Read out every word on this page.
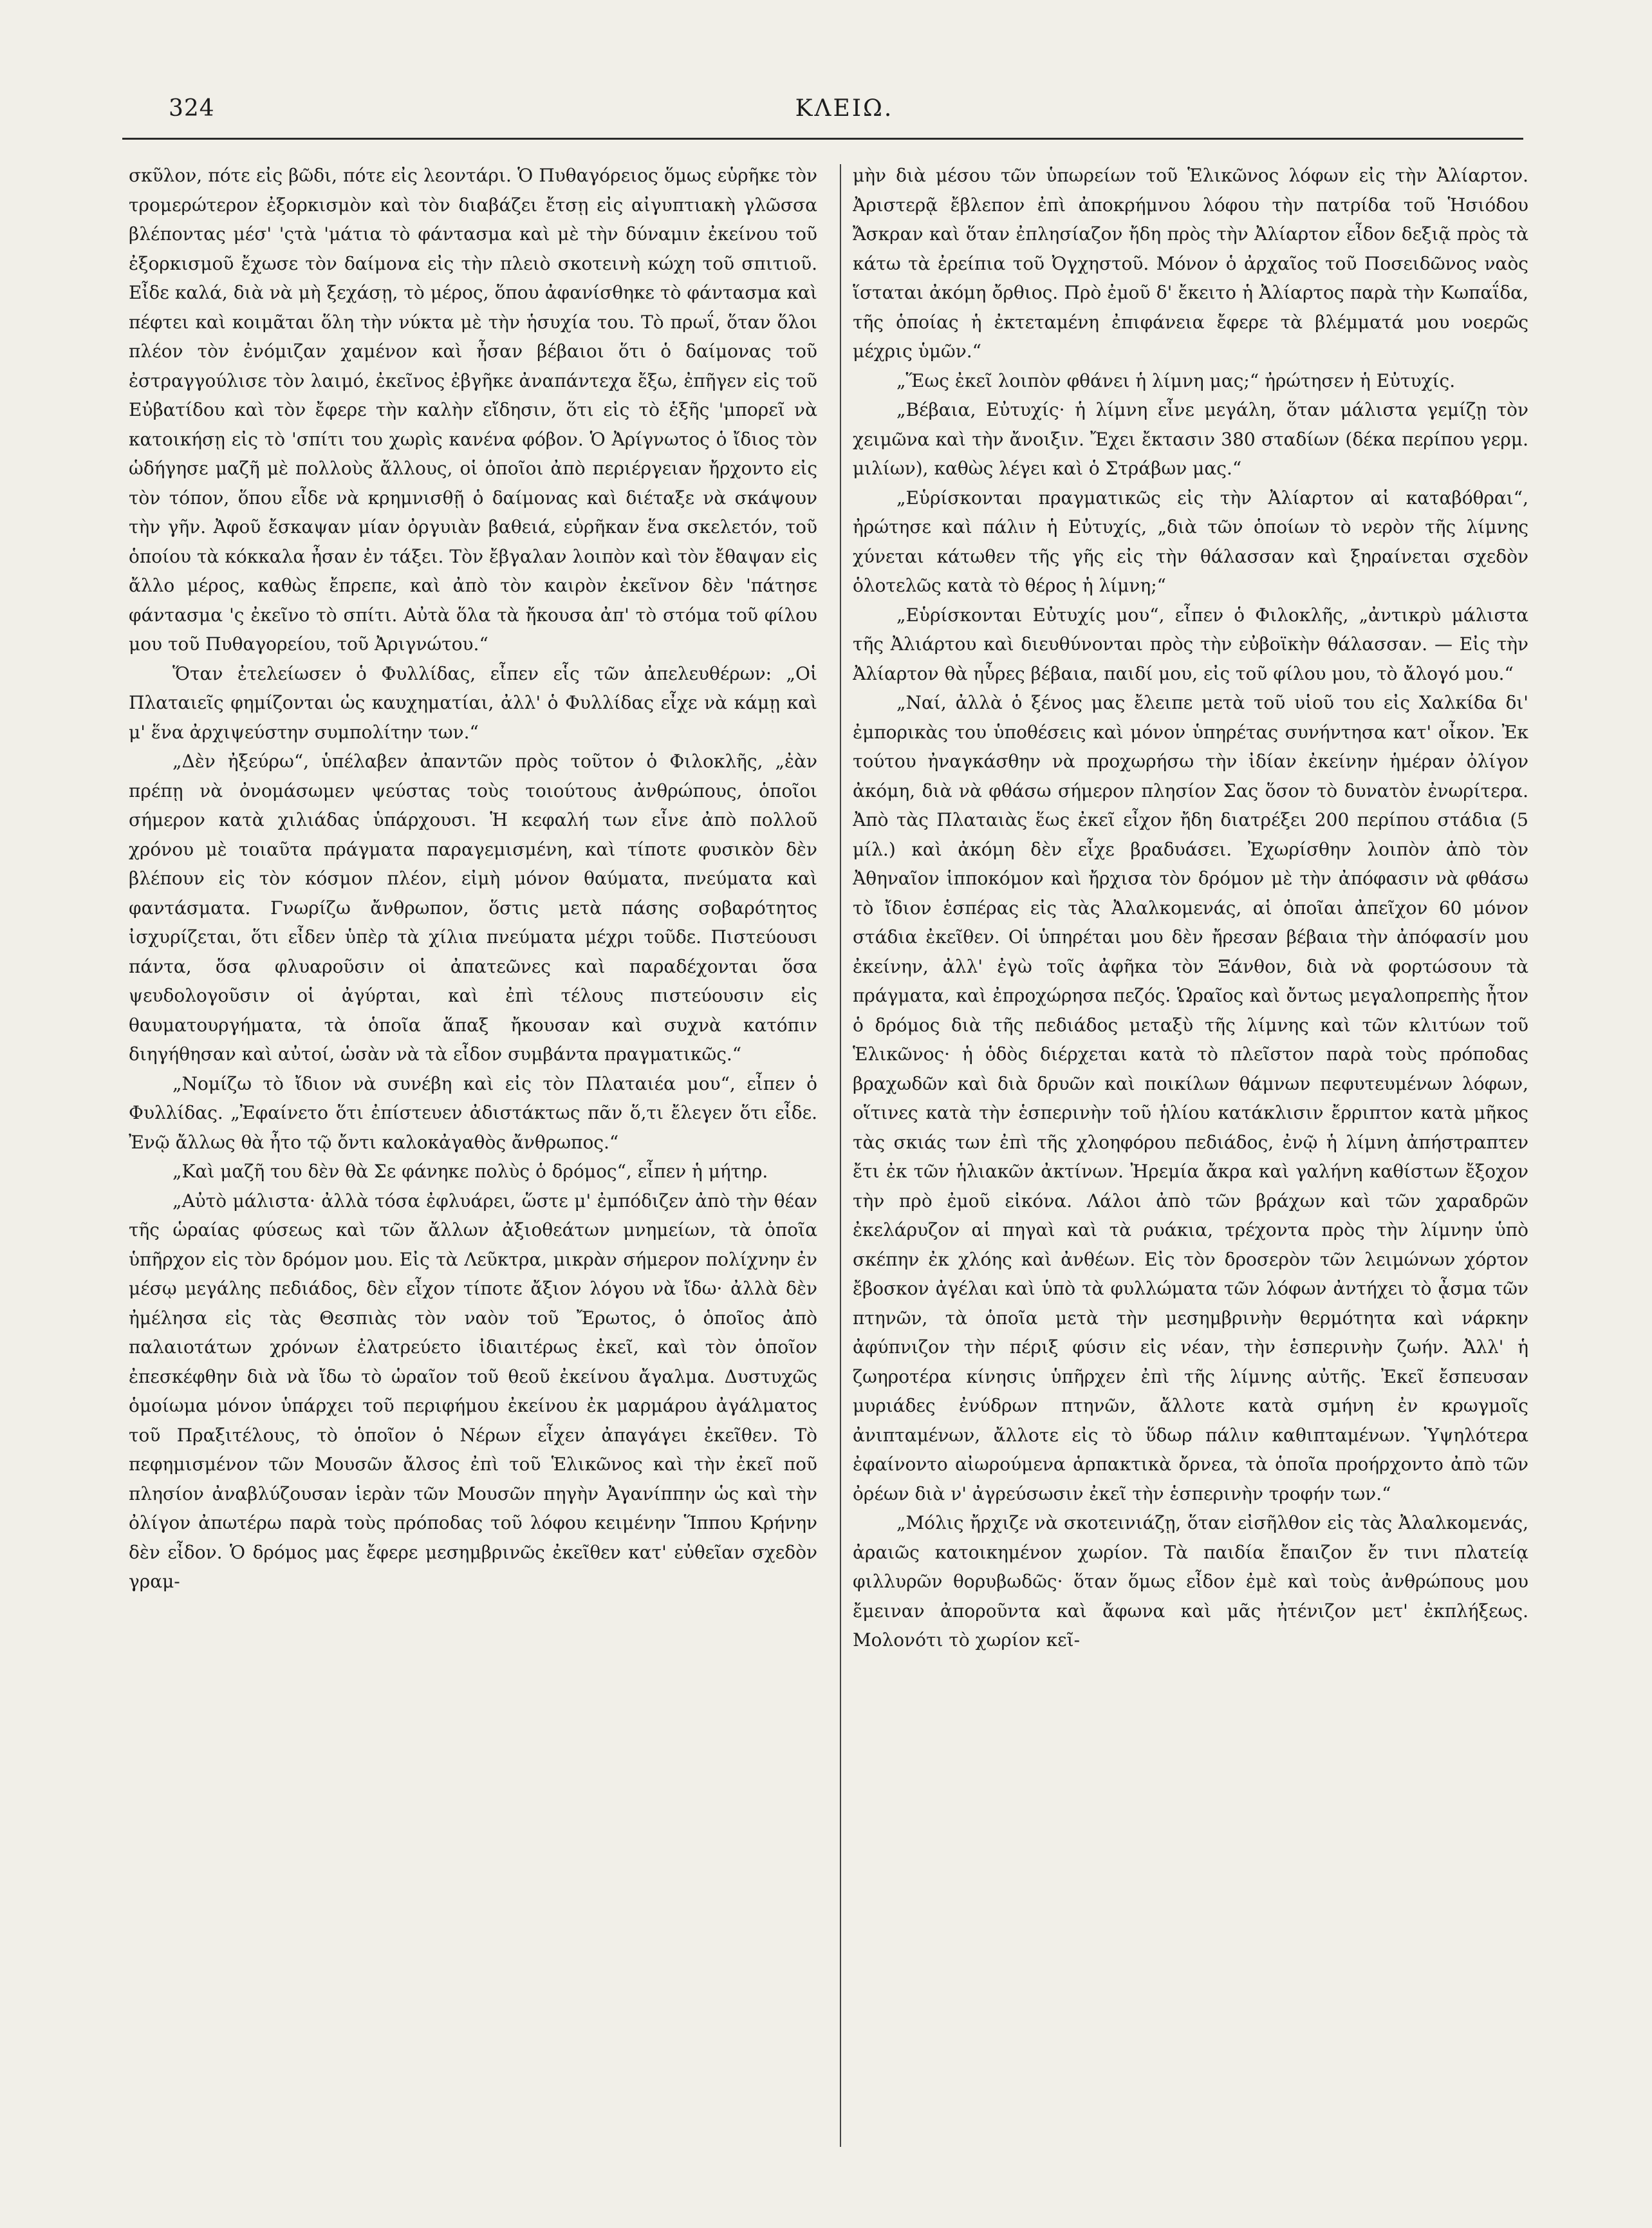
324	ΚΛΕΙΩ.

σκῦλον, πότε εἰς βῶδι, πότε εἰς λεοντάρι. Ὁ Πυθαγόρειος ὅμως εὑρῆκε τὸν τρομερώτερον ἐξορκισμὸν καὶ τὸν διαβάζει ἔτσῃ εἰς αἰγυπτιακὴ γλῶσσα βλέποντας μέσ' 'ςτὰ 'μάτια τὸ φάντασμα καὶ μὲ τὴν δύναμιν ἐκείνου τοῦ ἐξορκισμοῦ ἔχωσε τὸν δαίμονα εἰς τὴν πλειὸ σκοτεινὴ κώχη τοῦ σπιτιοῦ. Εἶδε καλά, διὰ νὰ μὴ ξεχάσῃ, τὸ μέρος, ὅπου ἀφανίσθηκε τὸ φάντασμα καὶ πέφτει καὶ κοιμᾶται ὅλη τὴν νύκτα μὲ τὴν ἡσυχία του. Τὸ πρωΐ, ὅταν ὅλοι πλέον τὸν ἐνόμιζαν χαμένον καὶ ἦσαν βέβαιοι ὅτι ὁ δαίμονας τοῦ ἐστραγγούλισε τὸν λαιμό, ἐκεῖνος ἐβγῆκε ἀναπάντεχα ἔξω, ἐπῆγεν εἰς τοῦ Εὐβατίδου καὶ τὸν ἔφερε τὴν καλὴν εἴδησιν, ὅτι εἰς τὸ ἑξῆς 'μπορεῖ νὰ κατοικήσῃ εἰς τὸ 'σπίτι του χωρὶς κανένα φόβον. Ὁ Ἀρίγνωτος ὁ ἴδιος τὸν ὡδήγησε μαζῆ μὲ πολλοὺς ἄλλους, οἱ ὁποῖοι ἀπὸ περιέργειαν ἤρχοντο εἰς τὸν τόπον, ὅπου εἶδε νὰ κρημνισθῇ ὁ δαίμονας καὶ διέταξε νὰ σκάψουν τὴν γῆν. Ἀφοῦ ἔσκαψαν μίαν ὀργυιὰν βαθειά, εὑρῆκαν ἕνα σκελετόν, τοῦ ὁποίου τὰ κόκκαλα ἦσαν ἐν τάξει. Τὸν ἔβγαλαν λοιπὸν καὶ τὸν ἔθαψαν εἰς ἄλλο μέρος, καθὼς ἔπρεπε, καὶ ἀπὸ τὸν καιρὸν ἐκεῖνον δὲν 'πάτησε φάντασμα 'ς ἐκεῖνο τὸ σπίτι. Αὐτὰ ὅλα τὰ ἤκουσα ἀπ' τὸ στόμα τοῦ φίλου μου τοῦ Πυθαγορείου, τοῦ Ἀριγνώτου.“

Ὅταν ἐτελείωσεν ὁ Φυλλίδας, εἶπεν εἷς τῶν ἀπελευθέρων: „Οἱ Πλαταιεῖς φημίζονται ὡς καυχηματίαι, ἀλλ' ὁ Φυλλίδας εἶχε νὰ κάμῃ καὶ μ' ἕνα ἀρχιψεύστην συμπολίτην των.“

„Δὲν ἠξεύρω“, ὑπέλαβεν ἀπαντῶν πρὸς τοῦτον ὁ Φιλοκλῆς, „ἐὰν πρέπῃ νὰ ὀνομάσωμεν ψεύστας τοὺς τοιούτους ἀνθρώπους, ὁποῖοι σήμερον κατὰ χιλιάδας ὑπάρχουσι. Ἡ κεφαλή των εἶνε ἀπὸ πολλοῦ χρόνου μὲ τοιαῦτα πράγματα παραγεμισμένη, καὶ τίποτε φυσικὸν δὲν βλέπουν εἰς τὸν κόσμον πλέον, εἰμὴ μόνον θαύματα, πνεύματα καὶ φαντάσματα. Γνωρίζω ἄνθρωπον, ὅστις μετὰ πάσης σοβαρότητος ἰσχυρίζεται, ὅτι εἶδεν ὑπὲρ τὰ χίλια πνεύματα μέχρι τοῦδε. Πιστεύουσι πάντα, ὅσα φλυαροῦσιν οἱ ἀπατεῶνες καὶ παραδέχονται ὅσα ψευδολογοῦσιν οἱ ἀγύρται, καὶ ἐπὶ τέλους πιστεύουσιν εἰς θαυματουργήματα, τὰ ὁποῖα ἅπαξ ἤκουσαν καὶ συχνὰ κατόπιν διηγήθησαν καὶ αὐτοί, ὡσὰν νὰ τὰ εἶδον συμβάντα πραγματικῶς.“

„Νομίζω τὸ ἴδιον νὰ συνέβη καὶ εἰς τὸν Πλαταιέα μου“, εἶπεν ὁ Φυλλίδας. „Ἐφαίνετο ὅτι ἐπίστευεν ἀδιστάκτως πᾶν ὅ,τι ἔλεγεν ὅτι εἶδε. Ἐνῷ ἄλλως θὰ ἦτο τῷ ὄντι καλοκἀγαθὸς ἄνθρωπος.“

„Καὶ μαζῆ του δὲν θὰ Σε φάνηκε πολὺς ὁ δρόμος“, εἶπεν ἡ μήτηρ.

„Αὐτὸ μάλιστα· ἀλλὰ τόσα ἐφλυάρει, ὥστε μ' ἐμπόδιζεν ἀπὸ τὴν θέαν τῆς ὡραίας φύσεως καὶ τῶν ἄλλων ἀξιοθεάτων μνημείων, τὰ ὁποῖα ὑπῆρχον εἰς τὸν δρόμον μου. Εἰς τὰ Λεῦκτρα, μικρὰν σήμερον πολίχνην ἐν μέσῳ μεγάλης πεδιάδος, δὲν εἶχον τίποτε ἄξιον λόγου νὰ ἴδω· ἀλλὰ δὲν ἠμέλησα εἰς τὰς Θεσπιὰς τὸν ναὸν τοῦ Ἔρωτος, ὁ ὁποῖος ἀπὸ παλαιοτάτων χρόνων ἐλατρεύετο ἰδιαιτέρως ἐκεῖ, καὶ τὸν ὁποῖον ἐπεσκέφθην διὰ νὰ ἴδω τὸ ὡραῖον τοῦ θεοῦ ἐκείνου ἄγαλμα. Δυστυχῶς ὁμοίωμα μόνον ὑπάρχει τοῦ περιφήμου ἐκείνου ἐκ μαρμάρου ἀγάλματος τοῦ Πραξιτέλους, τὸ ὁποῖον ὁ Νέρων εἶχεν ἀπαγάγει ἐκεῖθεν. Τὸ πεφημισμένον τῶν Μουσῶν ἄλσος ἐπὶ τοῦ Ἑλικῶνος καὶ τὴν ἐκεῖ ποῦ πλησίον ἀναβλύζουσαν ἱερὰν τῶν Μουσῶν πηγὴν Ἀγανίππην ὡς καὶ τὴν ὀλίγον ἀπωτέρω παρὰ τοὺς πρόποδας τοῦ λόφου κειμένην Ἵππου Κρήνην δὲν εἶδον. Ὁ δρόμος μας ἔφερε μεσημβρινῶς ἐκεῖθεν κατ' εὐθεῖαν σχεδὸν γραμ-

μὴν διὰ μέσου τῶν ὑπωρείων τοῦ Ἑλικῶνος λόφων εἰς τὴν Ἀλίαρτον. Ἀριστερᾷ ἔβλεπον ἐπὶ ἀποκρήμνου λόφου τὴν πατρίδα τοῦ Ἡσιόδου Ἄσκραν καὶ ὅταν ἐπλησίαζον ἤδη πρὸς τὴν Ἀλίαρτον εἶδον δεξιᾷ πρὸς τὰ κάτω τὰ ἐρείπια τοῦ Ὀγχηστοῦ. Μόνον ὁ ἀρχαῖος τοῦ Ποσειδῶνος ναὸς ἵσταται ἀκόμη ὄρθιος. Πρὸ ἐμοῦ δ' ἔκειτο ἡ Ἀλίαρτος παρὰ τὴν Κωπαΐδα, τῆς ὁποίας ἡ ἐκτεταμένη ἐπιφάνεια ἔφερε τὰ βλέμματά μου νοερῶς μέχρις ὑμῶν.“

„Ἕως ἐκεῖ λοιπὸν φθάνει ἡ λίμνη μας;“ ἠρώτησεν ἡ Εὐτυχίς.

„Βέβαια, Εὐτυχίς· ἡ λίμνη εἶνε μεγάλη, ὅταν μάλιστα γεμίζῃ τὸν χειμῶνα καὶ τὴν ἄνοιξιν. Ἔχει ἔκτασιν 380 σταδίων (δέκα περίπου γερμ. μιλίων), καθὼς λέγει καὶ ὁ Στράβων μας.“

„Εὑρίσκονται πραγματικῶς εἰς τὴν Ἀλίαρτον αἱ καταβόθραι“, ἠρώτησε καὶ πάλιν ἡ Εὐτυχίς, „διὰ τῶν ὁποίων τὸ νερὸν τῆς λίμνης χύνεται κάτωθεν τῆς γῆς εἰς τὴν θάλασσαν καὶ ξηραίνεται σχεδὸν ὁλοτελῶς κατὰ τὸ θέρος ἡ λίμνη;“

„Εὑρίσκονται Εὐτυχίς μου“, εἶπεν ὁ Φιλοκλῆς, „ἀντικρὺ μάλιστα τῆς Ἀλιάρτου καὶ διευθύνονται πρὸς τὴν εὐβοϊκὴν θάλασσαν. — Εἰς τὴν Ἀλίαρτον θὰ ηὗρες βέβαια, παιδί μου, εἰς τοῦ φίλου μου, τὸ ἄλογό μου.“

„Ναί, ἀλλὰ ὁ ξένος μας ἔλειπε μετὰ τοῦ υἱοῦ του εἰς Χαλκίδα δι' ἐμπορικὰς του ὑποθέσεις καὶ μόνον ὑπηρέτας συνήντησα κατ' οἶκον. Ἐκ τούτου ἠναγκάσθην νὰ προχωρήσω τὴν ἰδίαν ἐκείνην ἡμέραν ὀλίγον ἀκόμη, διὰ νὰ φθάσω σήμερον πλησίον Σας ὅσον τὸ δυνατὸν ἐνωρίτερα. Ἀπὸ τὰς Πλαταιὰς ἕως ἐκεῖ εἶχον ἤδη διατρέξει 200 περίπου στάδια (5 μίλ.) καὶ ἀκόμη δὲν εἶχε βραδυάσει. Ἐχωρίσθην λοιπὸν ἀπὸ τὸν Ἀθηναῖον ἱπποκόμον καὶ ἤρχισα τὸν δρόμον μὲ τὴν ἀπόφασιν νὰ φθάσω τὸ ἴδιον ἑσπέρας εἰς τὰς Ἀλαλκομενάς, αἱ ὁποῖαι ἀπεῖχον 60 μόνον στάδια ἐκεῖθεν. Οἱ ὑπηρέται μου δὲν ἤρεσαν βέβαια τὴν ἀπόφασίν μου ἐκείνην, ἀλλ' ἐγὼ τοῖς ἀφῆκα τὸν Ξάνθον, διὰ νὰ φορτώσουν τὰ πράγματα, καὶ ἐπροχώρησα πεζός. Ὡραῖος καὶ ὄντως μεγαλοπρεπὴς ἦτον ὁ δρόμος διὰ τῆς πεδιάδος μεταξὺ τῆς λίμνης καὶ τῶν κλιτύων τοῦ Ἑλικῶνος· ἡ ὁδὸς διέρχεται κατὰ τὸ πλεῖστον παρὰ τοὺς πρόποδας βραχωδῶν καὶ διὰ δρυῶν καὶ ποικίλων θάμνων πεφυτευμένων λόφων, οἵτινες κατὰ τὴν ἑσπερινὴν τοῦ ἡλίου κατάκλισιν ἔρριπτον κατὰ μῆκος τὰς σκιάς των ἐπὶ τῆς χλοηφόρου πεδιάδος, ἐνῷ ἡ λίμνη ἀπήστραπτεν ἔτι ἐκ τῶν ἡλιακῶν ἀκτίνων. Ἠρεμία ἄκρα καὶ γαλήνη καθίστων ἔξοχον τὴν πρὸ ἐμοῦ εἰκόνα. Λάλοι ἀπὸ τῶν βράχων καὶ τῶν χαραδρῶν ἐκελάρυζον αἱ πηγαὶ καὶ τὰ ρυάκια, τρέχοντα πρὸς τὴν λίμνην ὑπὸ σκέπην ἐκ χλόης καὶ ἀνθέων. Εἰς τὸν δροσερὸν τῶν λειμώνων χόρτον ἔβοσκον ἀγέλαι καὶ ὑπὸ τὰ φυλλώματα τῶν λόφων ἀντήχει τὸ ᾆσμα τῶν πτηνῶν, τὰ ὁποῖα μετὰ τὴν μεσημβρινὴν θερμότητα καὶ νάρκην ἀφύπνιζον τὴν πέριξ φύσιν εἰς νέαν, τὴν ἑσπερινὴν ζωήν. Ἀλλ' ἡ ζωηροτέρα κίνησις ὑπῆρχεν ἐπὶ τῆς λίμνης αὐτῆς. Ἐκεῖ ἔσπευσαν μυριάδες ἐνύδρων πτηνῶν, ἄλλοτε κατὰ σμήνη ἐν κρωγμοῖς ἀνιπταμένων, ἄλλοτε εἰς τὸ ὕδωρ πάλιν καθιπταμένων. Ὑψηλότερα ἐφαίνοντο αἰωρούμενα ἁρπακτικὰ ὄρνεα, τὰ ὁποῖα προήρχοντο ἀπὸ τῶν ὀρέων διὰ ν' ἀγρεύσωσιν ἐκεῖ τὴν ἑσπερινὴν τροφήν των.“

„Μόλις ἤρχιζε νὰ σκοτεινιάζῃ, ὅταν εἰσῆλθον εἰς τὰς Ἀλαλκομενάς, ἀραιῶς κατοικημένον χωρίον. Τὰ παιδία ἔπαιζον ἔν τινι πλατείᾳ φιλλυρῶν θορυβωδῶς· ὅταν ὅμως εἶδον ἐμὲ καὶ τοὺς ἀνθρώπους μου ἔμειναν ἀποροῦντα καὶ ἄφωνα καὶ μᾶς ἠτένιζον μετ' ἐκπλήξεως. Μολονότι τὸ χωρίον κεῖ-
